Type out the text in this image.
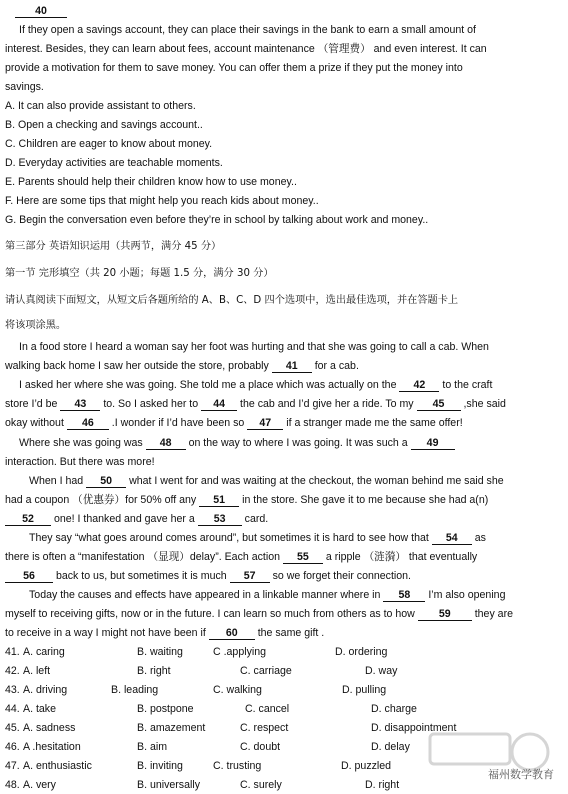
40
If they open a savings account, they can place their savings in the bank to earn a small amount of
interest. Besides, they can learn about fees, account maintenance （管理费） and even interest. It can
provide a motivation for them to save money. You can offer them a prize if they put the money into
savings.
A. It can also provide assistant to others.
B. Open a checking and savings account..
C. Children are eager to know about money.
D. Everyday activities are teachable moments.
E. Parents should help their children know how to use money..
F. Here are some tips that might help you reach kids about money..
G. Begin the conversation even before they’re in school by talking about work and money..
第三部分 英语知识运用（共两节，满分 45 分）
第一节 完形填空（共 20 小题；每题 1.5 分，满分 30 分）
请认真阅读下面短文，从短文后各题所给的 A、B、C、D 四个选项中，选出最佳选项，并在答题卡上
将该项涂黑。
In a food store I heard a woman say her foot was hurting and that she was going to call a cab. When
walking back home I saw her outside the store, probably 41 for a cab.
I asked her where she was going. She told me a place which was actually on the 42 to the craft
store I’d be 43 to. So I asked her to 44 the cab and I’d give her a ride. To my 45 ,she said
okay without 46 .I wonder if I’d have been so 47 if a stranger made me the same offer!
Where she was going was 48 on the way to where I was going. It was such a 49
interaction. But there was more!
When I had 50 what I went for and was waiting at the checkout, the woman behind me said she
had a coupon （优惠券）for 50% off any 51 in the store. She gave it to me because she had a(n)
52 one! I thanked and gave her a 53 card.
They say “what goes around comes around”, but sometimes it is hard to see how that 54 as
there is often a “manifestation （显现）delay”. Each action 55 a ripple （涟漪） that eventually
56 back to us, but sometimes it is much 57 so we forget their connection.
Today the causes and effects have appeared in a linkable manner where in 58 I’m also opening
myself to receiving gifts, now or in the future. I can learn so much from others as to how 59 they are
to receive in a way I might not have been if 60 the same gift .
41. A. caring	B. waiting	C .applying	D. ordering
42. A. left	B. right	C. carriage	D. way
43. A. driving	B. leading	C. walking	D. pulling
44. A. take	B. postpone	C. cancel	D. charge
45. A. sadness	B. amazement	C. respect	D. disappointment
46. A .hesitation	B. aim	C. doubt	D. delay
47. A. enthusiastic	B. inviting	C. trusting	D. puzzled
48. A. very	B. universally	C. surely	D. right
福州数学教育
